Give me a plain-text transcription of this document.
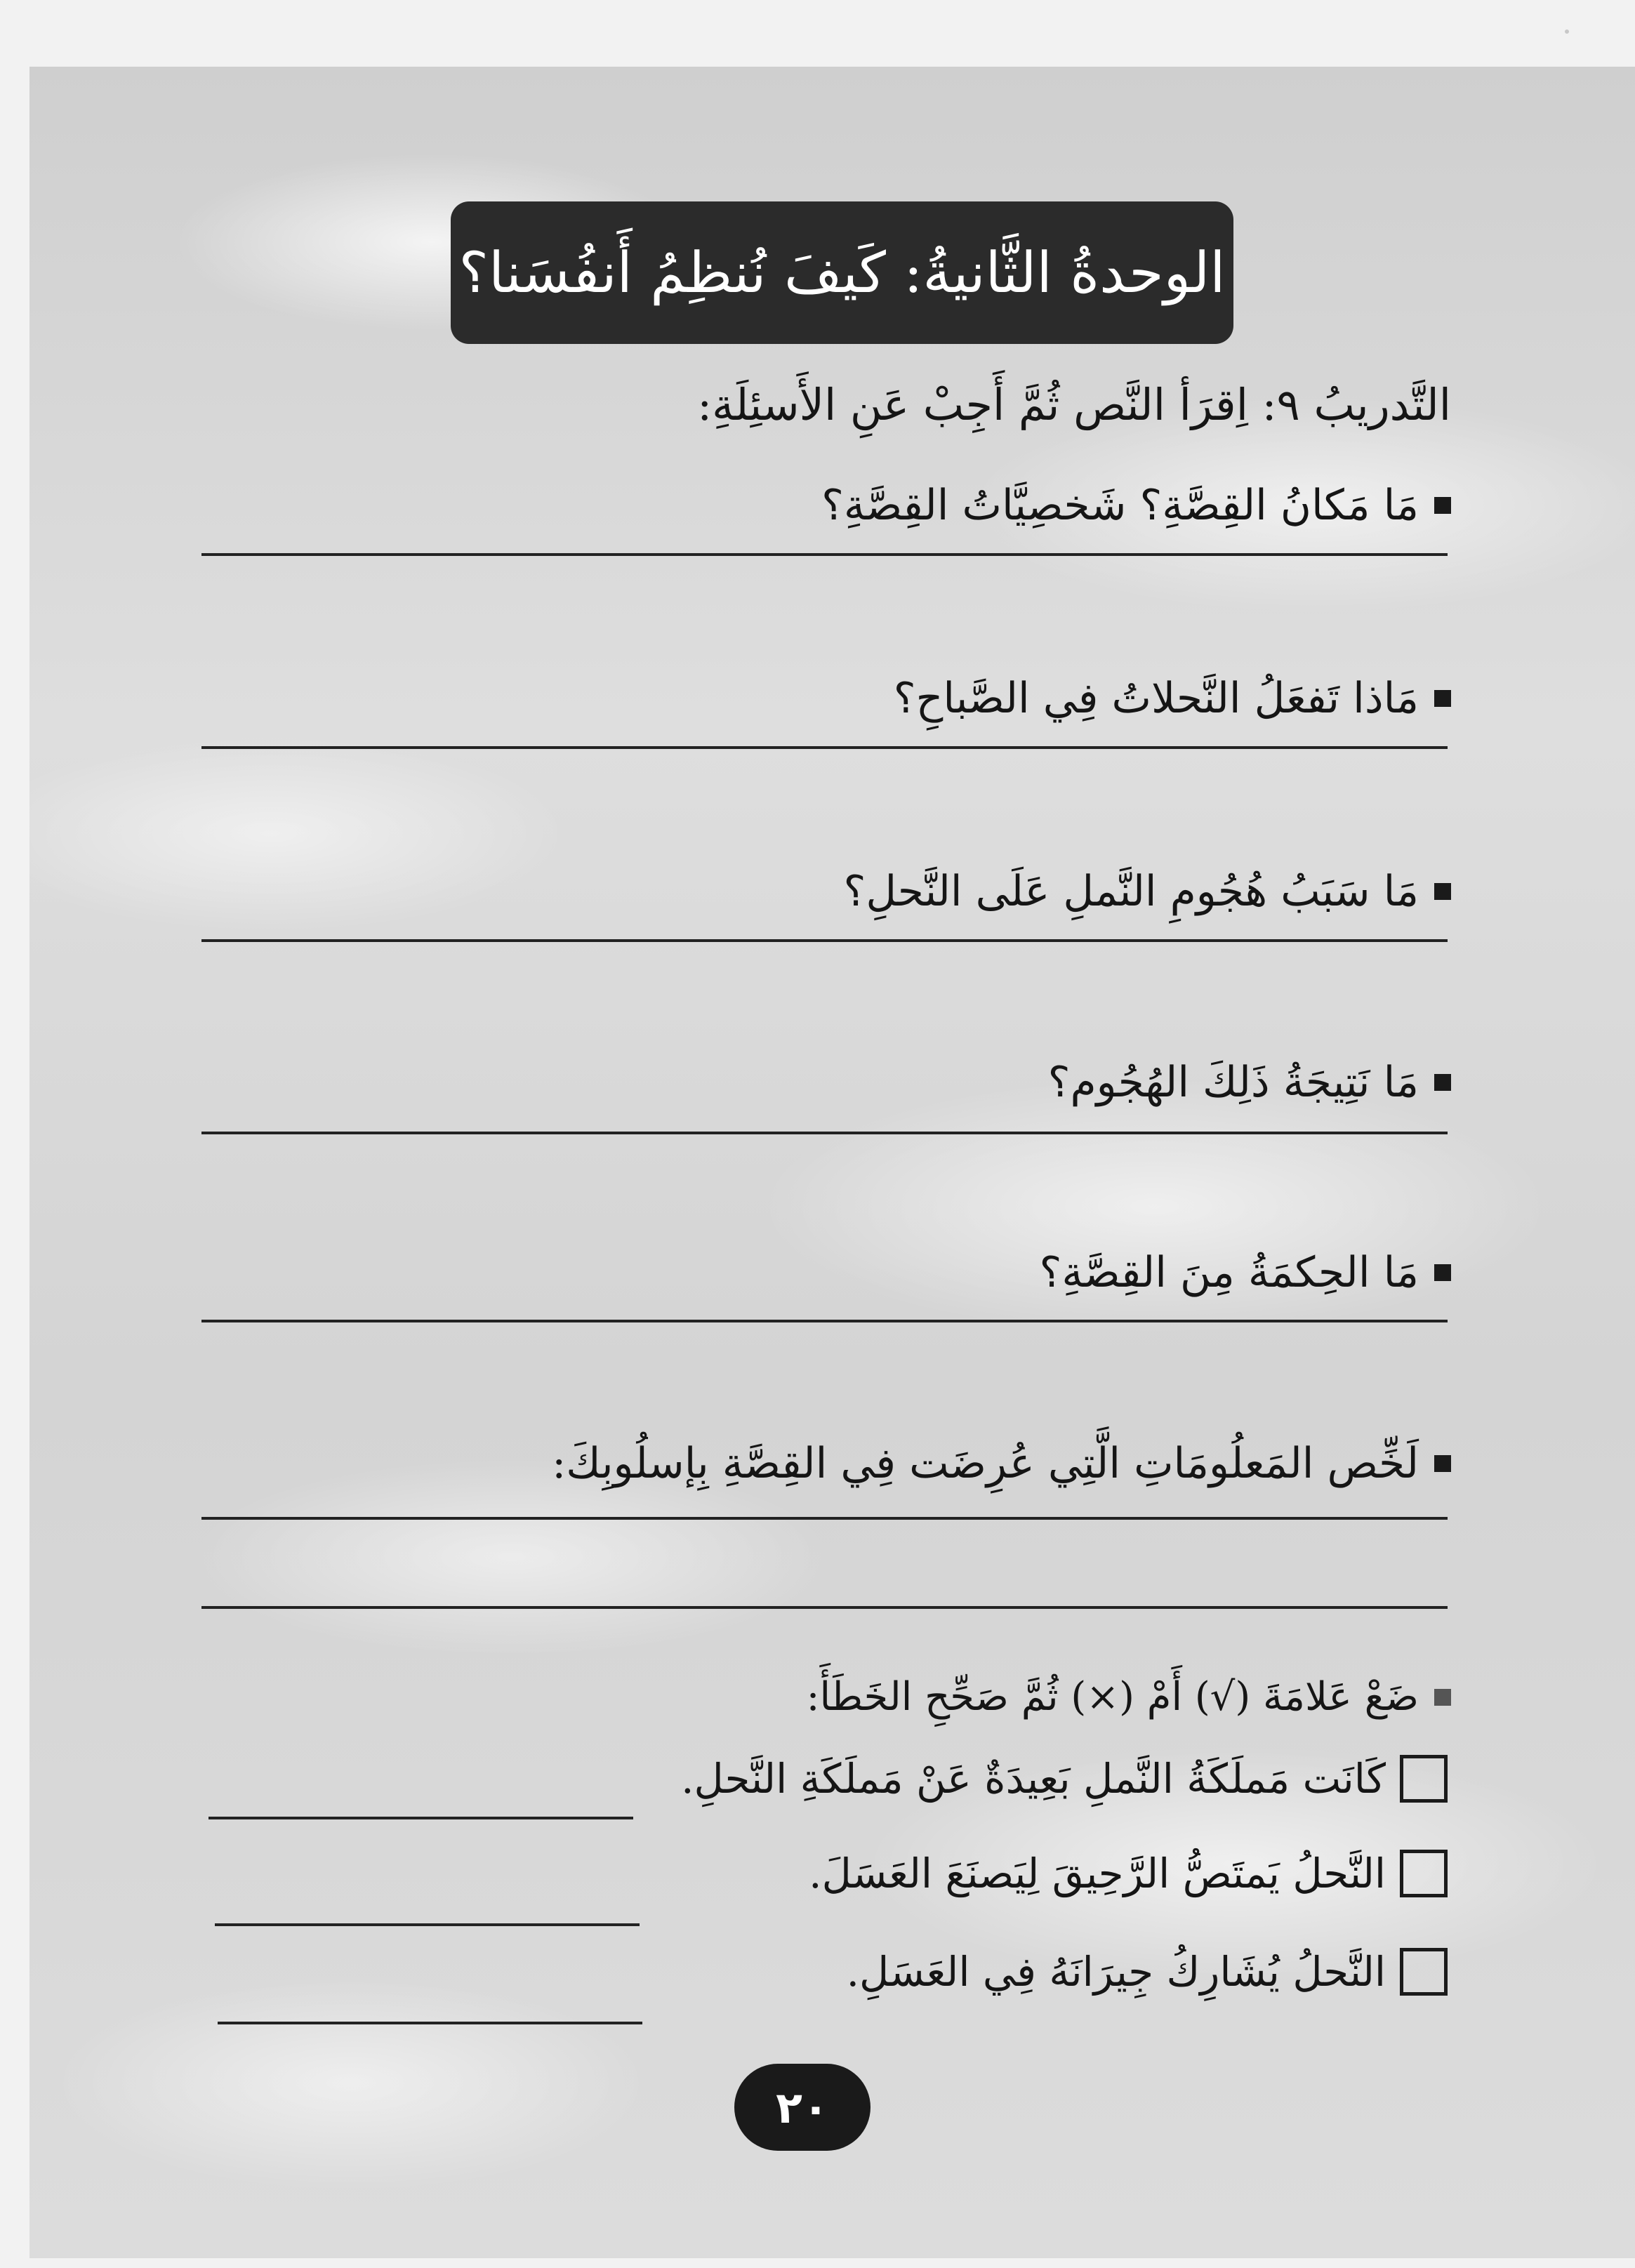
الوحدةُ الثَّانيةُ: كَيفَ نُنظِمُ أَنفُسَنا؟
التَّدريبُ ٩: اِقرَأ النَّص ثُمَّ أَجِبْ عَنِ الأَسئِلَةِ:
مَا مَكانُ القِصَّةِ؟ شَخصِيَّاتُ القِصَّةِ؟
مَاذا تَفعَلُ النَّحلاتُ فِي الصَّباحِ؟
مَا سَبَبُ هُجُومِ النَّملِ عَلَى النَّحلِ؟
مَا نَتِيجَةُ ذَلِكَ الهُجُوم؟
مَا الحِكمَةُ مِنَ القِصَّةِ؟
لَخِّص المَعلُومَاتِ الَّتِي عُرِضَت فِي القِصَّةِ بِإسلُوبِكَ:
ضَعْ عَلامَةَ (√) أَمْ (×) ثُمَّ صَحِّحِ الخَطَأَ:
كَانَت مَملَكَةُ النَّملِ بَعِيدَةٌ عَنْ مَملَكَةِ النَّحلِ.
النَّحلُ يَمتَصُّ الرَّحِيقَ لِيَصنَعَ العَسَلَ.
النَّحلُ يُشَارِكُ جِيرَانَهُ فِي العَسَلِ.
٢٠
